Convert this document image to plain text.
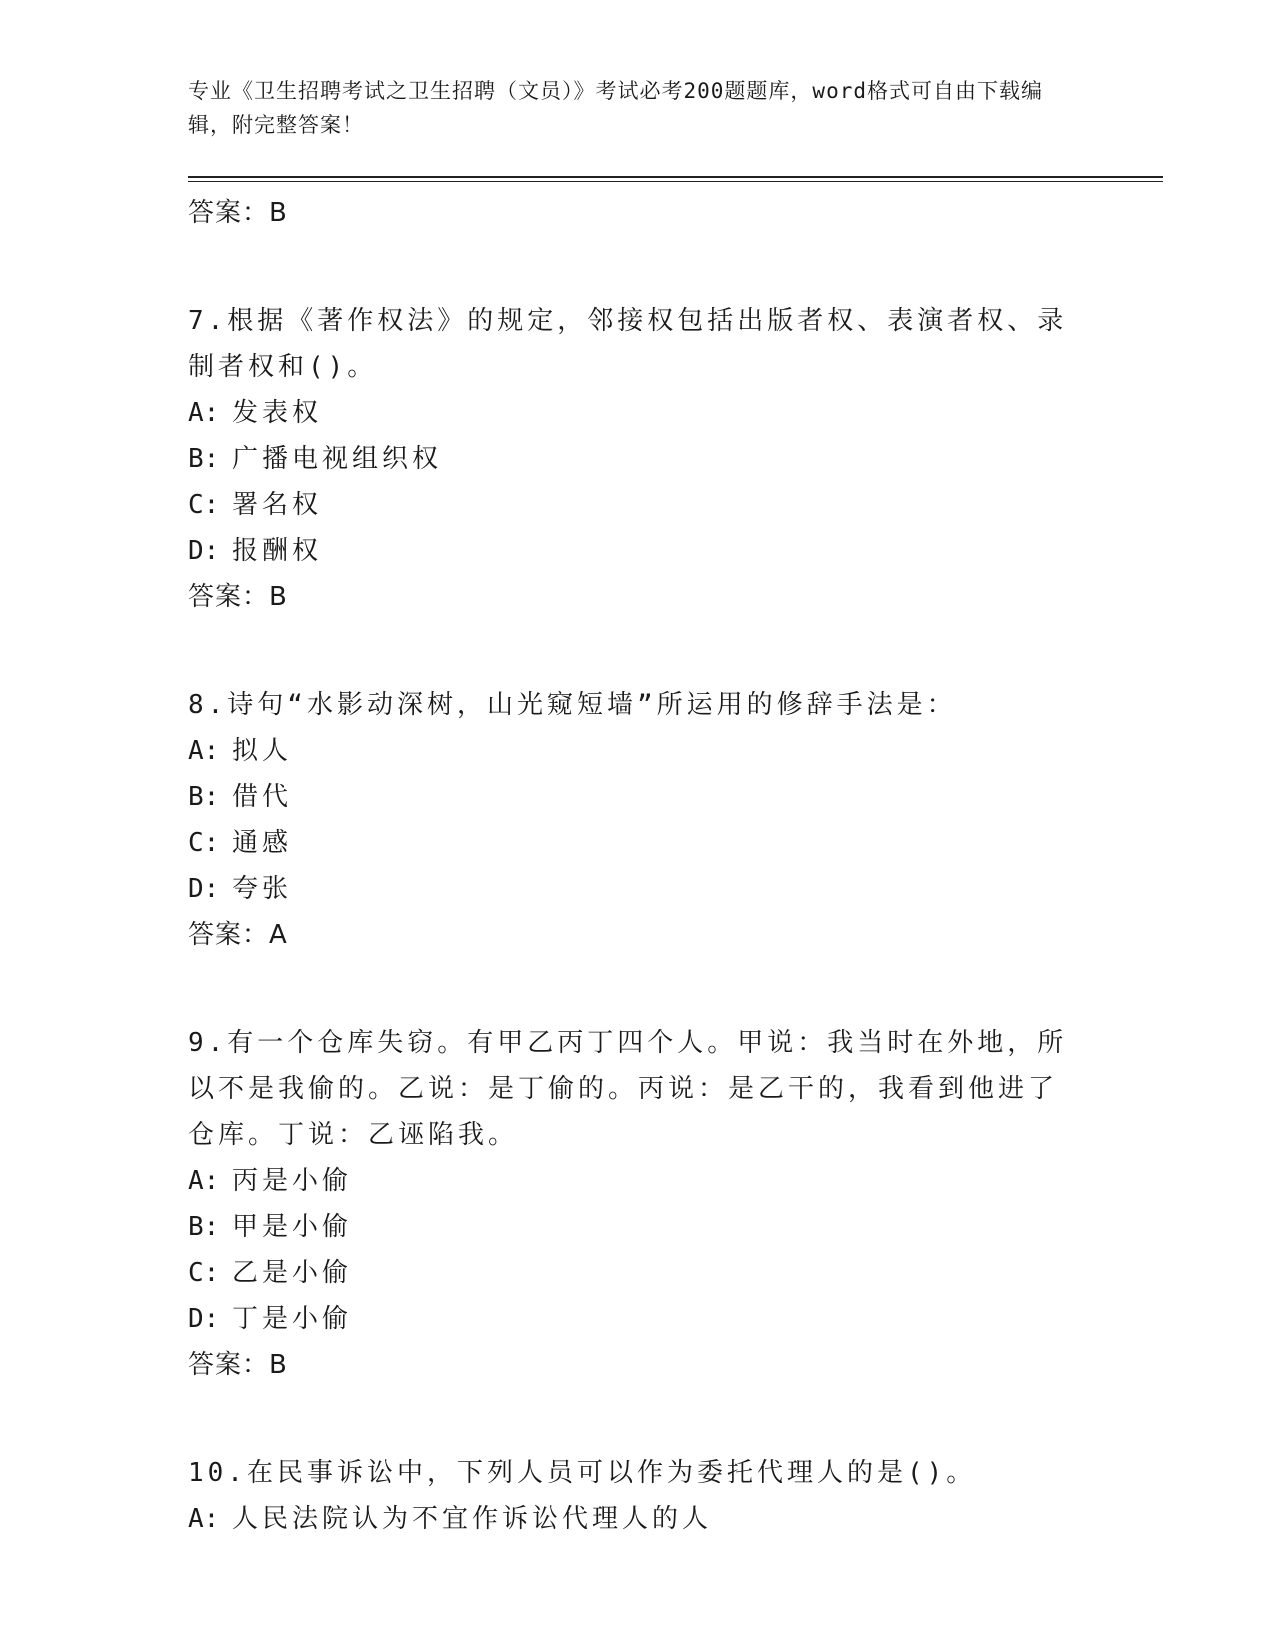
专业《卫生招聘考试之卫生招聘（文员）》考试必考200题题库，word格式可自由下载编辑，附完整答案！
答案：B
7.根据《著作权法》的规定，邻接权包括出版者权、表演者权、录制者权和()。
A: 发表权
B: 广播电视组织权
C: 署名权
D: 报酬权
答案：B
8.诗句“水影动深树，山光窥短墙”所运用的修辞手法是：
A: 拟人
B: 借代
C: 通感
D: 夸张
答案：A
9.有一个仓库失窃。有甲乙丙丁四个人。甲说：我当时在外地，所以不是我偷的。乙说：是丁偷的。丙说：是乙干的，我看到他进了仓库。丁说：乙诬陷我。
A: 丙是小偷
B: 甲是小偷
C: 乙是小偷
D: 丁是小偷
答案：B
10.在民事诉讼中，下列人员可以作为委托代理人的是()。
A: 人民法院认为不宜作诉讼代理人的人
